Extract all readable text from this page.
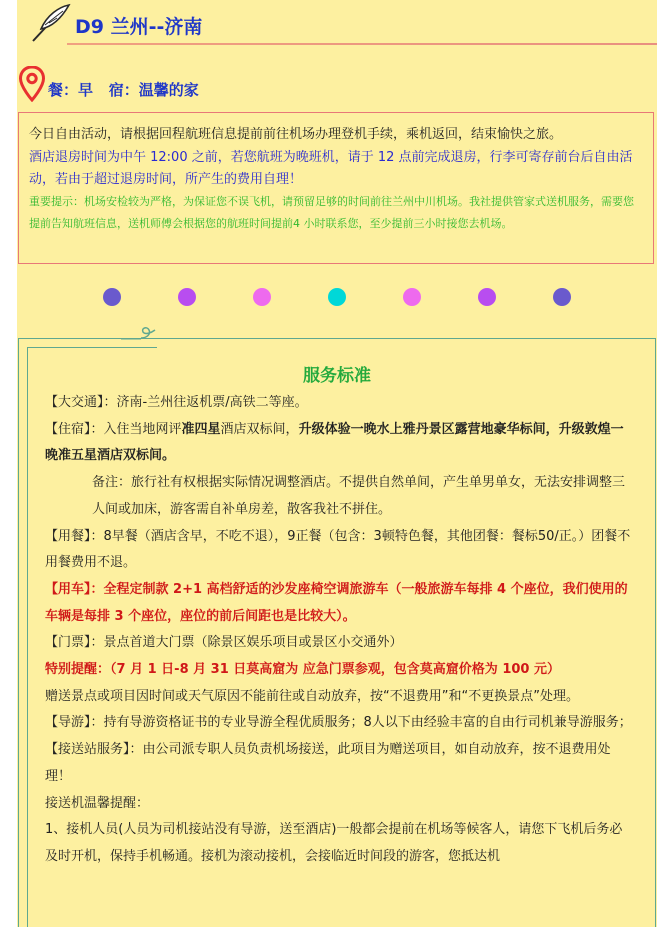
D9 兰州--济南
餐：早 宿：温馨的家

今日自由活动，请根据回程航班信息提前前往机场办理登机手续，乘机返回，结束愉快之旅。

酒店退房时间为中午 12:00 之前，若您航班为晚班机，请于 12 点前完成退房，行李可寄存前台后自由活动，若由于超过退房时间，所产生的费用自理！

重要提示：机场安检较为严格，为保证您不误飞机，请预留足够的时间前往兰州中川机场。我社提供管家式送机服务，需要您提前告知航班信息，送机师傅会根据您的航班时间提前4 小时联系您，至少提前三小时接您去机场。

服务标准

【大交通】：济南-兰州往返机票/高铁二等座。

【住宿】：入住当地网评准四星酒店双标间，升级体验一晚水上雅丹景区露营地豪华标间，升级敦煌一晚准五星酒店双标间。

备注：旅行社有权根据实际情况调整酒店。不提供自然单间，产生单男单女，无法安排调整三人间或加床，游客需自补单房差，散客我社不拼住。

【用餐】：8早餐（酒店含早，不吃不退），9正餐（包含：3顿特色餐，其他团餐：餐标50/正。）团餐不用餐费用不退。

【用车】：全程定制款 2+1 高档舒适的沙发座椅空调旅游车（一般旅游车每排 4 个座位，我们使用的车辆是每排 3 个座位，座位的前后间距也是比较大）。

【门票】：景点首道大门票（除景区娱乐项目或景区小交通外）

特别提醒：（7 月 1 日-8 月 31 日莫高窟为 应急门票参观，包含莫高窟价格为 100 元）

赠送景点或项目因时间或天气原因不能前往或自动放弃，按“不退费用”和“不更换景点”处理。

【导游】：持有导游资格证书的专业导游全程优质服务；8人以下由经验丰富的自由行司机兼导游服务；

【接送站服务】：由公司派专职人员负责机场接送，此项目为赠送项目，如自动放弃，按不退费用处理！

接送机温馨提醒：

1、接机人员(人员为司机接站没有导游，送至酒店)一般都会提前在机场等候客人，请您下飞机后务必及时开机，保持手机畅通。接机为滚动接机，会接临近时间段的游客，您抵达机
